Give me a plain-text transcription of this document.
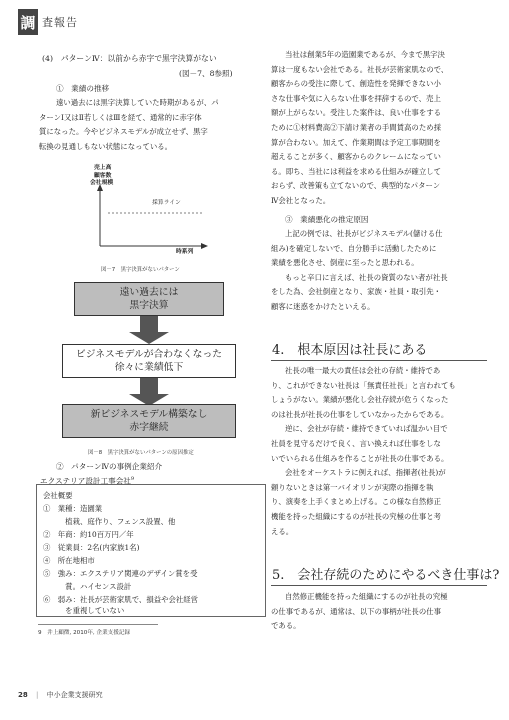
調 査報告
(4)　パターンⅣ：以前から赤字で黒字決算がない
(図－7、8参照)
①　業績の推移

遠い過去には黒字決算していた時期があるが、パ

ターンⅠ又はⅡ若しくはⅢを経て、通常的に赤字体

質になった。今やビジネスモデルが成立せず、黒字

転換の見通しもない状態になっている。

売上高
顧客数
会社規模
採算ライン
時系列
図－7　黒字決算がないパターン
遠い過去には
黒字決算
ビジネスモデルが合わなくなった
徐々に業績低下
新ビジネスモデル構築なし
赤字継続
図－8　黒字決算がないパターンの原因推定
②　パターンⅣの事例企業紹介
エクステリア設計工事会社$^9$
会社概要
①　業種：造園業
　　　植栽、庭作り、フェンス設置、他
②　年商：約10百万円／年
③　従業員：2名(内家族1名)
④　所在地相市
⑤　強み：エクステリア関連のデザイン賞を受
　　　賞。ハイセンス設計
⑥　弱み：社長が芸術家肌で、損益や会社経営
　　　を重視していない
9　井上顧徴, 2010年, 企業支援記録

当社は創業5年の造園業であるが、今まで黒字決

算は一度もない会社である。社長が芸術家肌なので、

顧客からの受注に際して、創造性を発揮できない小

さな仕事や気に入らない仕事を拝辞するので、売上

額が上がらない。受注した案件は、良い仕事をする

ために①材料費高②下請け業者の手間賃高のため採

算が合わない。加えて、作業期間は予定工事期間を

超えることが多く、顧客からのクレームになってい

る。即ち、当社には利益を求める仕組みが確立して

おらず、改善策も立てないので、典型的なパターン

Ⅳ会社となった。

③　業績悪化の推定原因

上記の例では、社長がビジネスモデル(儲ける仕

組み)を確定しないで、自分勝手に活動したために

業績を悪化させ、倒産に至ったと思われる。

もっと辛口に言えば、社長の資質のない者が社長

をした為、会社倒産となり、家族・社員・取引先・

顧客に迷惑をかけたといえる。

4.　根本原因は社長にある

社長の唯一最大の責任は会社の存続・維持であ

り、これができない社長は「無責任社長」と言われても

しょうがない。業績が悪化し会社存続が危うくなった

のは社長が社長の仕事をしていなかったからである。

逆に、会社が存続・維持できていれば温かい目で

社員を見守るだけで良く、言い換えれば仕事をしな

いでいられる仕組みを作ることが社長の仕事である。

会社をオーケストラに例えれば、指揮者(社長)が

頼りないときは第一バイオリンが実際の指揮を執

り、演奏を上手くまとめ上げる。この様な自然修正

機能を持った組織にするのが社長の究極の仕事と考

える。

5.　会社存続のためにやるべき仕事は?

自然修正機能を持った組織にするのが社長の究極

の仕事であるが、通常は、以下の事柄が社長の仕事

である。

28 | 中小企業支援研究
